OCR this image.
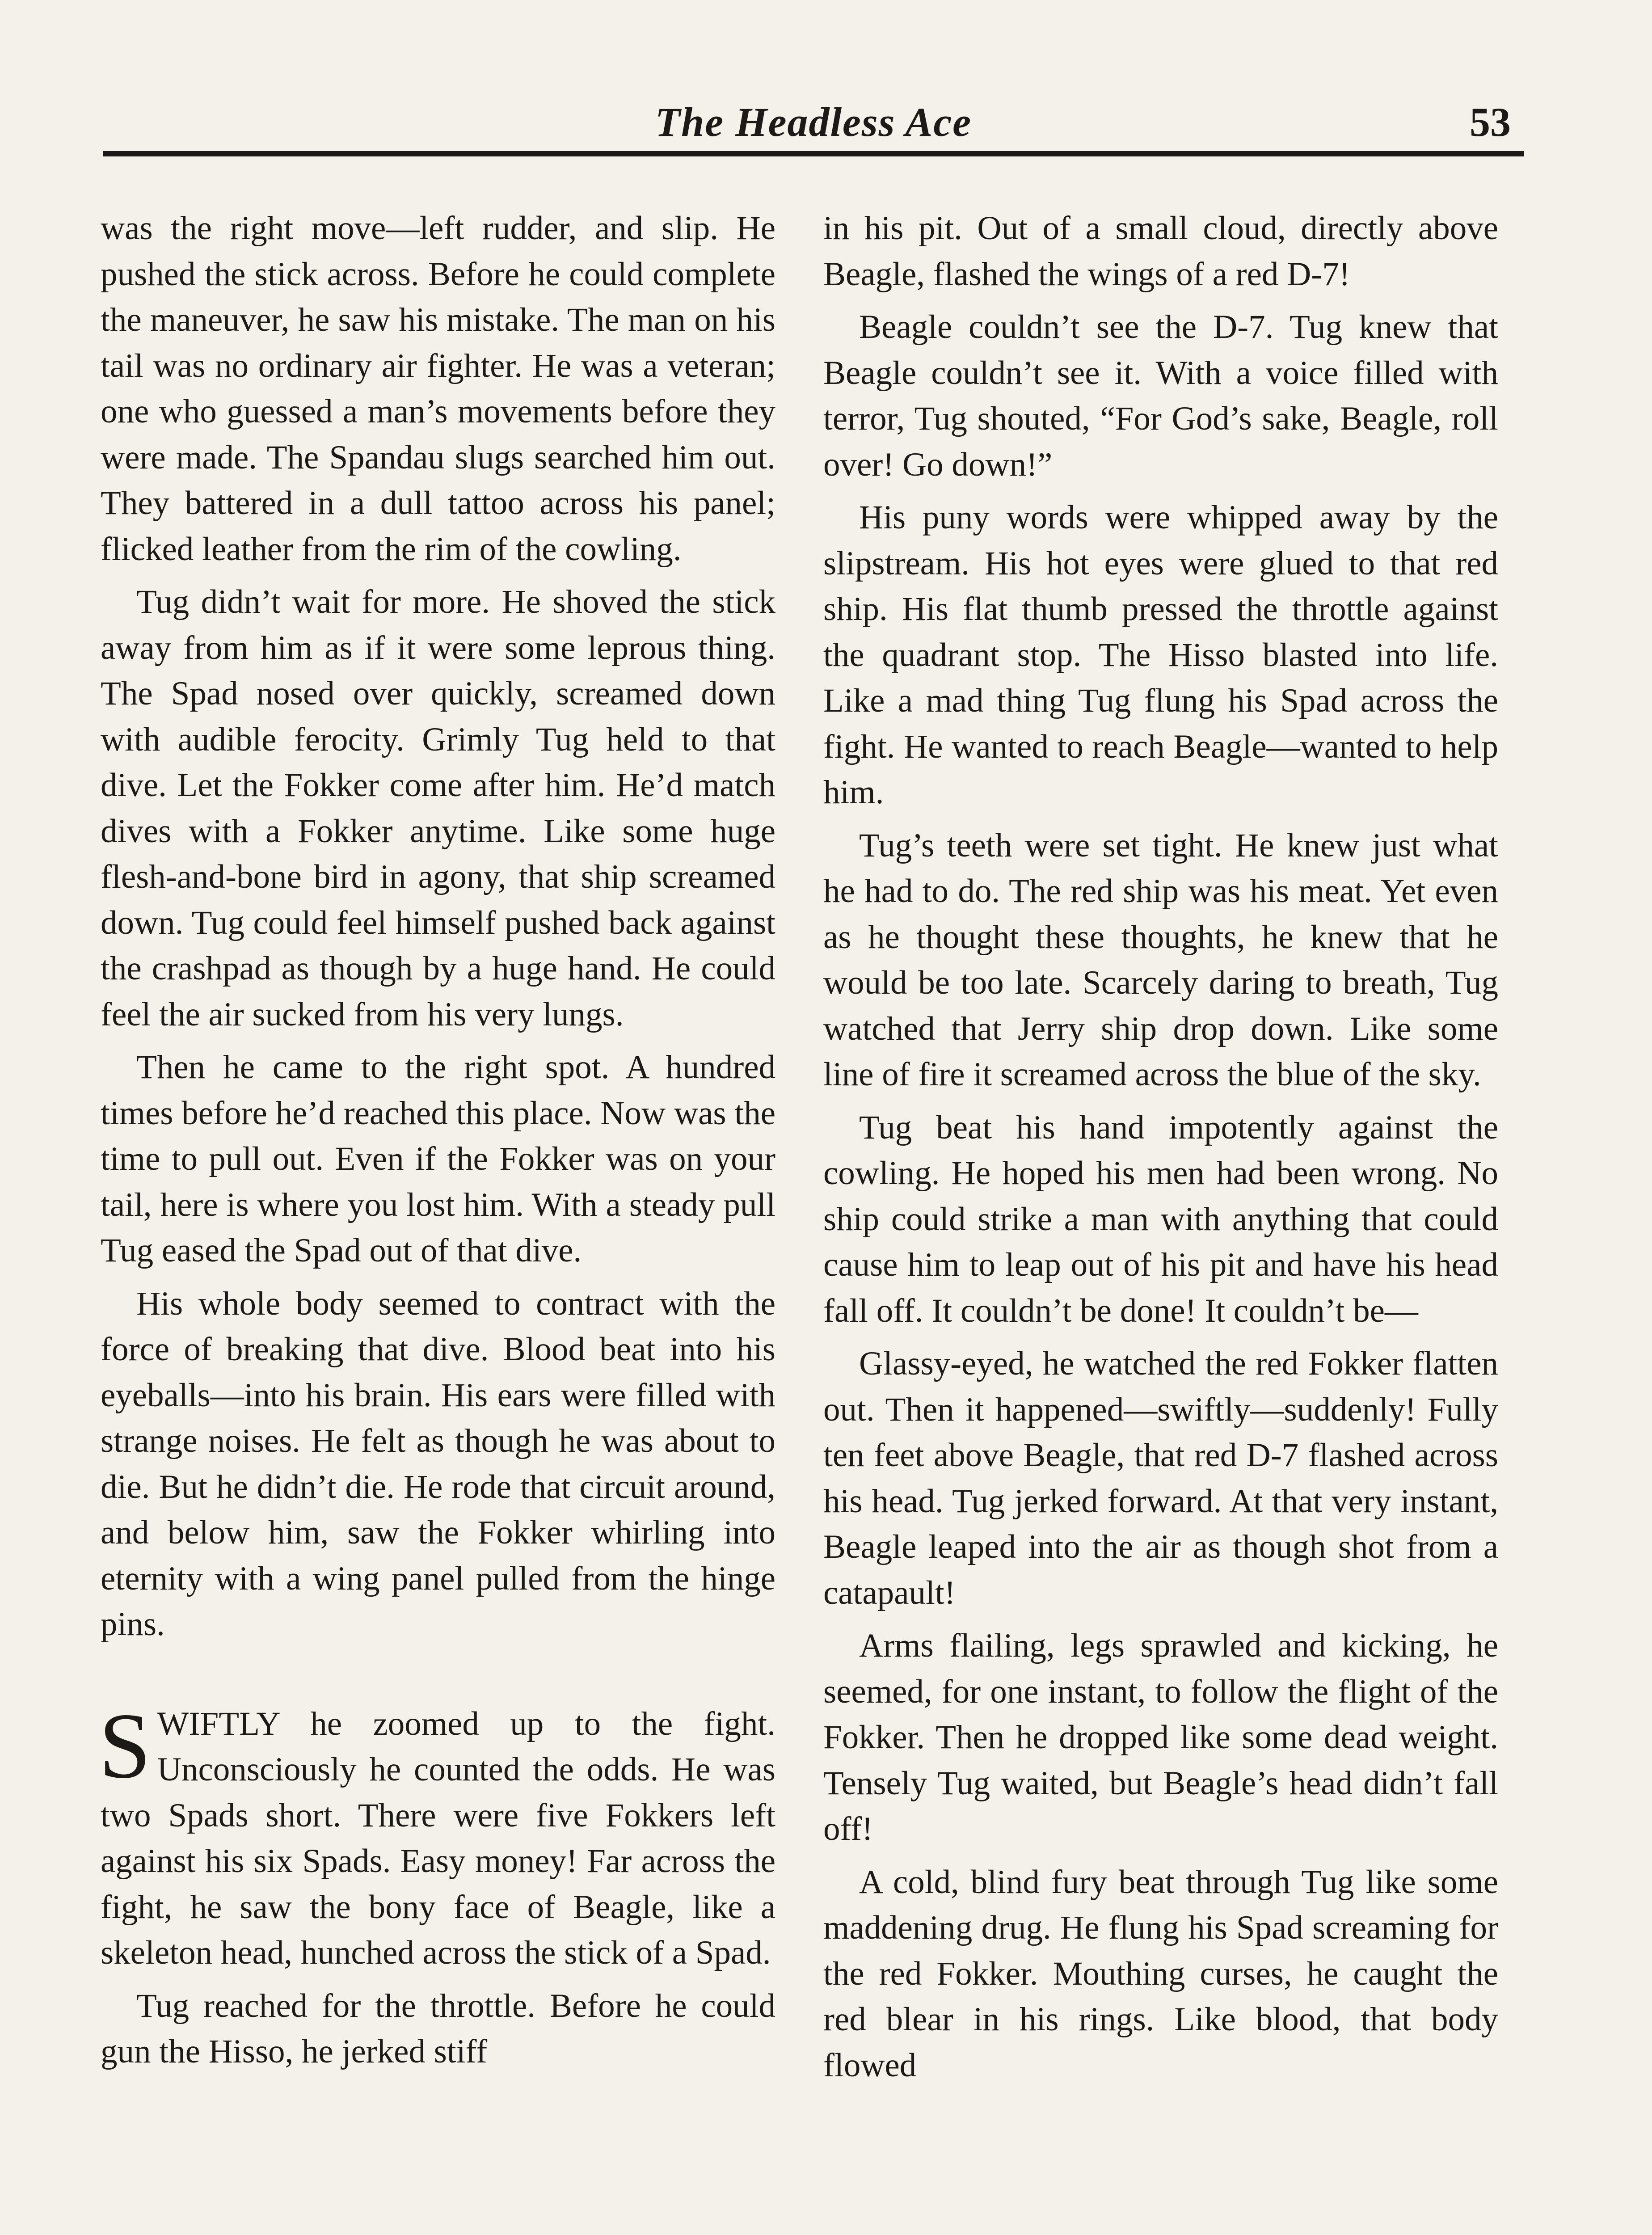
The Headless Ace	53

was the right move—left rudder, and slip. He pushed the stick across. Before he could complete the maneuver, he saw his mistake. The man on his tail was no ordinary air fighter. He was a veteran; one who guessed a man’s movements before they were made. The Spandau slugs searched him out. They battered in a dull tattoo across his panel; flicked leather from the rim of the cowling.

Tug didn’t wait for more. He shoved the stick away from him as if it were some leprous thing. The Spad nosed over quickly, screamed down with audible ferocity. Grimly Tug held to that dive. Let the Fokker come after him. He’d match dives with a Fokker anytime. Like some huge flesh-and-bone bird in agony, that ship screamed down. Tug could feel himself pushed back against the crashpad as though by a huge hand. He could feel the air sucked from his very lungs.

Then he came to the right spot. A hundred times before he’d reached this place. Now was the time to pull out. Even if the Fokker was on your tail, here is where you lost him. With a steady pull Tug eased the Spad out of that dive.

His whole body seemed to contract with the force of breaking that dive. Blood beat into his eyeballs—into his brain. His ears were filled with strange noises. He felt as though he was about to die. But he didn’t die. He rode that circuit around, and below him, saw the Fokker whirling into eternity with a wing panel pulled from the hinge pins.

SWIFTLY he zoomed up to the fight. Unconsciously he counted the odds. He was two Spads short. There were five Fokkers left against his six Spads. Easy money! Far across the fight, he saw the bony face of Beagle, like a skeleton head, hunched across the stick of a Spad.

Tug reached for the throttle. Before he could gun the Hisso, he jerked stiff

in his pit. Out of a small cloud, directly above Beagle, flashed the wings of a red D-7!

Beagle couldn’t see the D-7. Tug knew that Beagle couldn’t see it. With a voice filled with terror, Tug shouted, “For God’s sake, Beagle, roll over! Go down!”

His puny words were whipped away by the slipstream. His hot eyes were glued to that red ship. His flat thumb pressed the throttle against the quadrant stop. The Hisso blasted into life. Like a mad thing Tug flung his Spad across the fight. He wanted to reach Beagle—wanted to help him.

Tug’s teeth were set tight. He knew just what he had to do. The red ship was his meat. Yet even as he thought these thoughts, he knew that he would be too late. Scarcely daring to breath, Tug watched that Jerry ship drop down. Like some line of fire it screamed across the blue of the sky.

Tug beat his hand impotently against the cowling. He hoped his men had been wrong. No ship could strike a man with anything that could cause him to leap out of his pit and have his head fall off. It couldn’t be done! It couldn’t be—

Glassy-eyed, he watched the red Fokker flatten out. Then it happened—swiftly—suddenly! Fully ten feet above Beagle, that red D-7 flashed across his head. Tug jerked forward. At that very instant, Beagle leaped into the air as though shot from a catapault!

Arms flailing, legs sprawled and kicking, he seemed, for one instant, to follow the flight of the Fokker. Then he dropped like some dead weight. Tensely Tug waited, but Beagle’s head didn’t fall off!

A cold, blind fury beat through Tug like some maddening drug. He flung his Spad screaming for the red Fokker. Mouthing curses, he caught the red blear in his rings. Like blood, that body flowed
